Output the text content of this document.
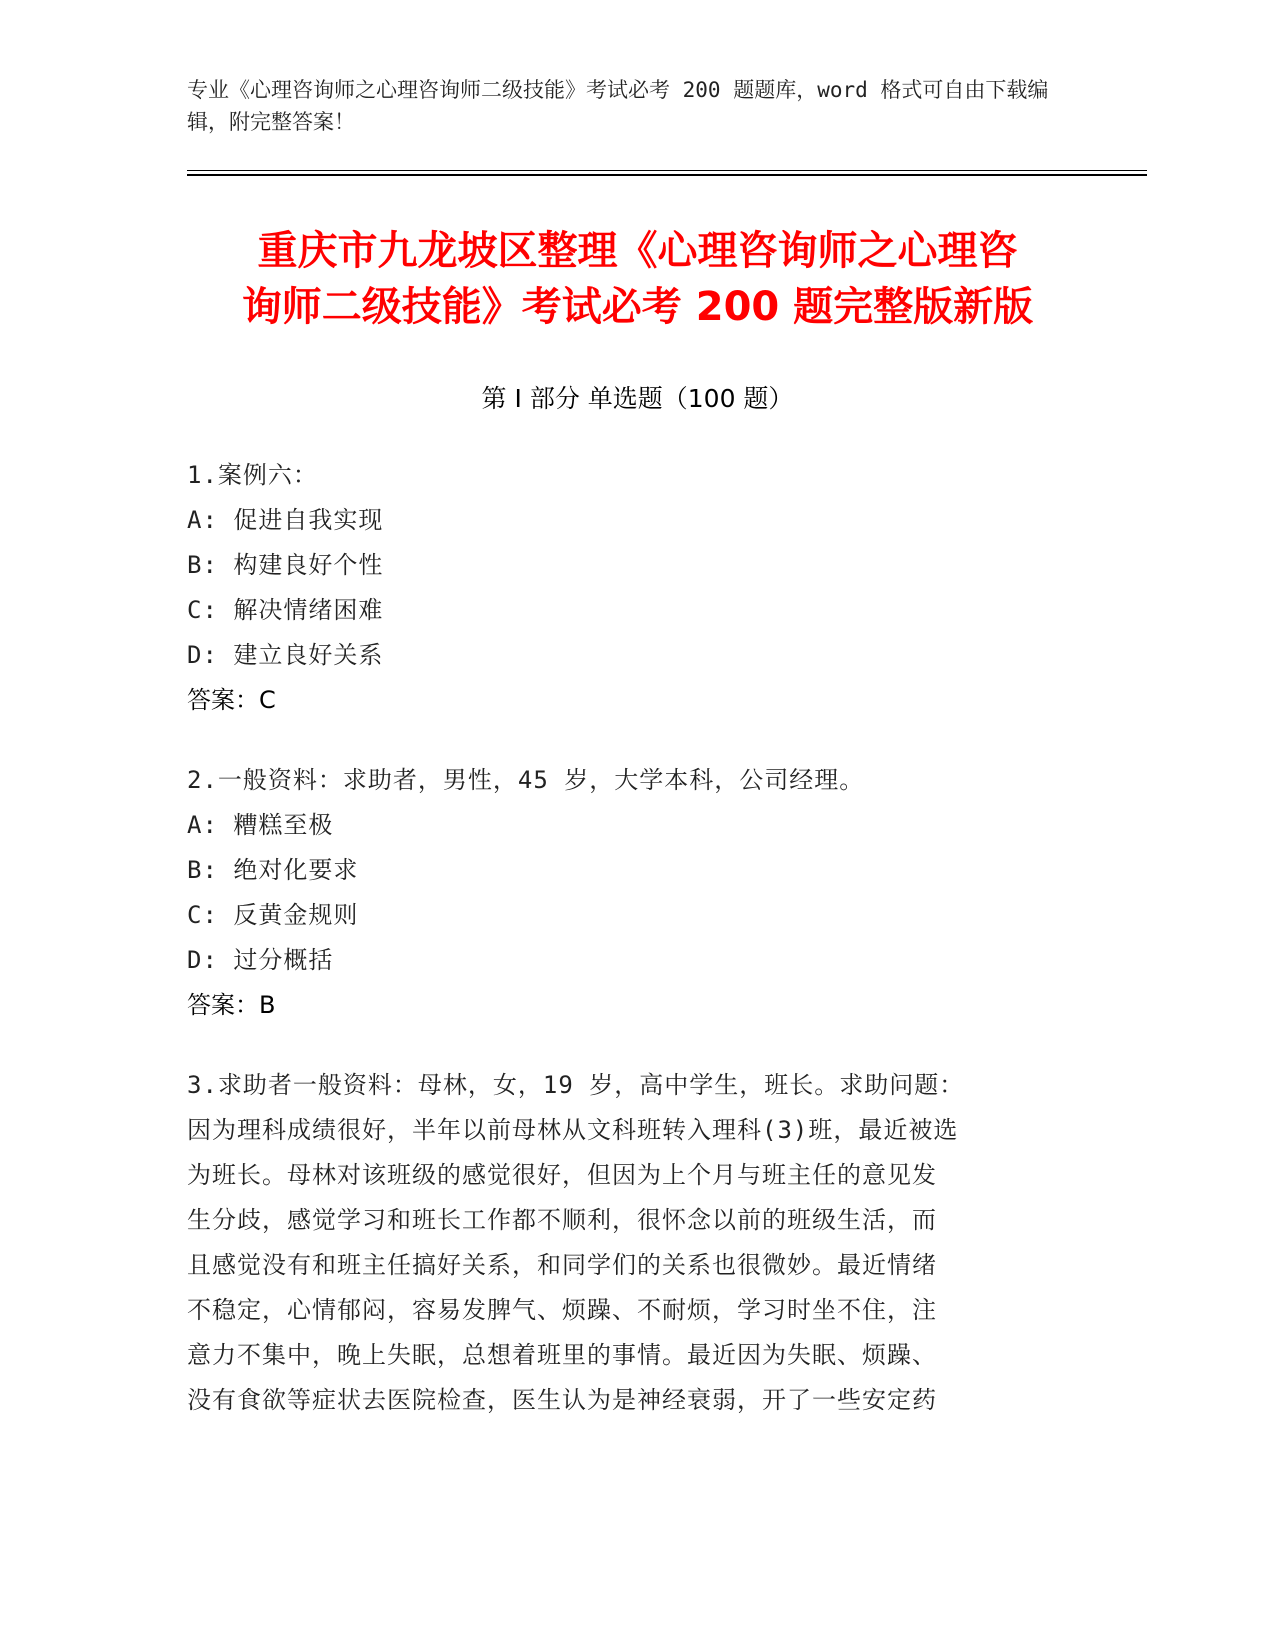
专业《心理咨询师之心理咨询师二级技能》考试必考 200 题题库，word 格式可自由下载编辑，附完整答案！
重庆市九龙坡区整理《心理咨询师之心理咨
询师二级技能》考试必考 200 题完整版新版
第 I 部分 单选题（100 题）
1.案例六：
A: 促进自我实现
B: 构建良好个性
C: 解决情绪困难
D: 建立良好关系
答案：C
2.一般资料：求助者，男性，45 岁，大学本科，公司经理。
A: 糟糕至极
B: 绝对化要求
C: 反黄金规则
D: 过分概括
答案：B
3.求助者一般资料：母林，女，19 岁，高中学生，班长。求助问题：
因为理科成绩很好，半年以前母林从文科班转入理科(3)班，最近被选
为班长。母林对该班级的感觉很好，但因为上个月与班主任的意见发
生分歧，感觉学习和班长工作都不顺利，很怀念以前的班级生活，而
且感觉没有和班主任搞好关系，和同学们的关系也很微妙。最近情绪
不稳定，心情郁闷，容易发脾气、烦躁、不耐烦，学习时坐不住，注
意力不集中，晚上失眠，总想着班里的事情。最近因为失眠、烦躁、
没有食欲等症状去医院检查，医生认为是神经衰弱，开了一些安定药
